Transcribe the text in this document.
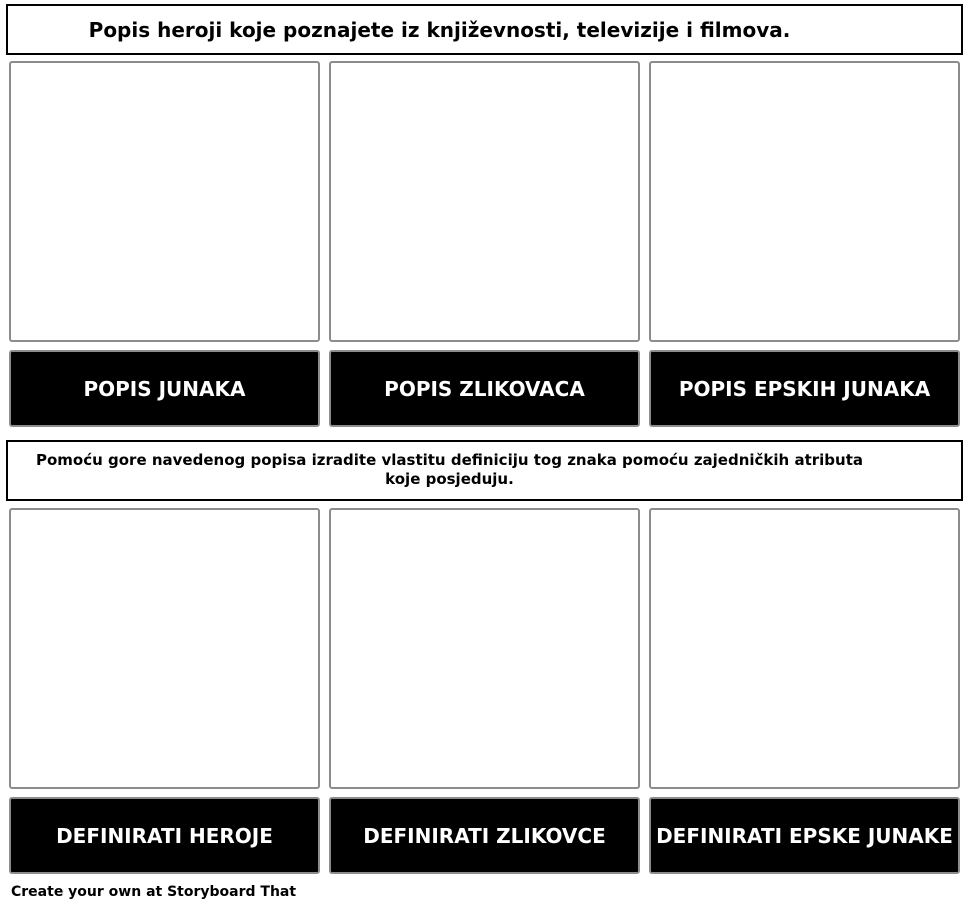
Popis heroji koje poznajete iz književnosti, televizije i filmova.
POPIS JUNAKA	POPIS ZLIKOVACA	POPIS EPSKIH JUNAKA
Pomoću gore navedenog popisa izradite vlastitu definiciju tog znaka pomoću zajedničkih atributa koje posjeduju.
DEFINIRATI HEROJE	DEFINIRATI ZLIKOVCE	DEFINIRATI EPSKE JUNAKE
Create your own at Storyboard That
